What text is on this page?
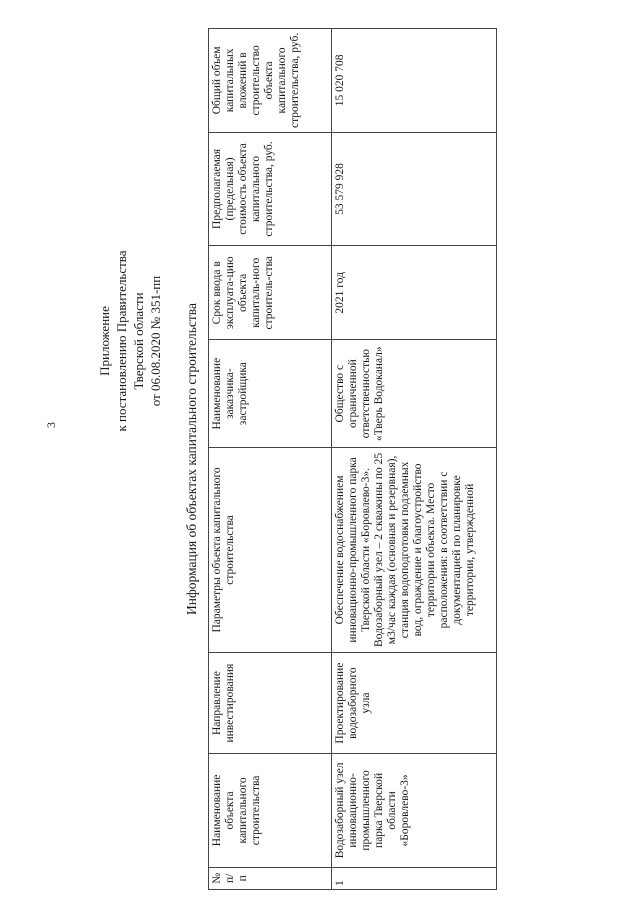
3
Приложение к постановлению Правительства Тверской области от 06.08.2020 № 351-пп Информация об объектах капитального строительства
№ п/п	Наименование объекта капитального строительства	Направление инвестирования	Параметры объекта капитального строительства	Наименование заказчика-застройщика	Срок ввода в эксплуата-цию объекта капиталь-ного строитель-ства	Предполагаемая (предельная) стоимость объекта капитального строительства, руб.	Общий объем капитальных вложений в строительство объекта капитального строительства, руб.
1	Водозаборный узел инновационно-промышленного парка Тверской области «Боровлево-3»	Проектирование водозаборного узла	Обеспечение водоснабжением инновационно-промышленного парка Тверской области «Боровлево-3». Водозаборный узел – 2 скважины по 25 м3/час каждая (основная и резервная), станция водоподготовки подземных вод, ограждение и благоустройство территории объекта. Место расположения: в соответствии с документацией по планировке территории, утвержденной	Общество с ограниченной ответственностью «Тверь Водоканал»	2021 год	53 579 928	15 020 708
